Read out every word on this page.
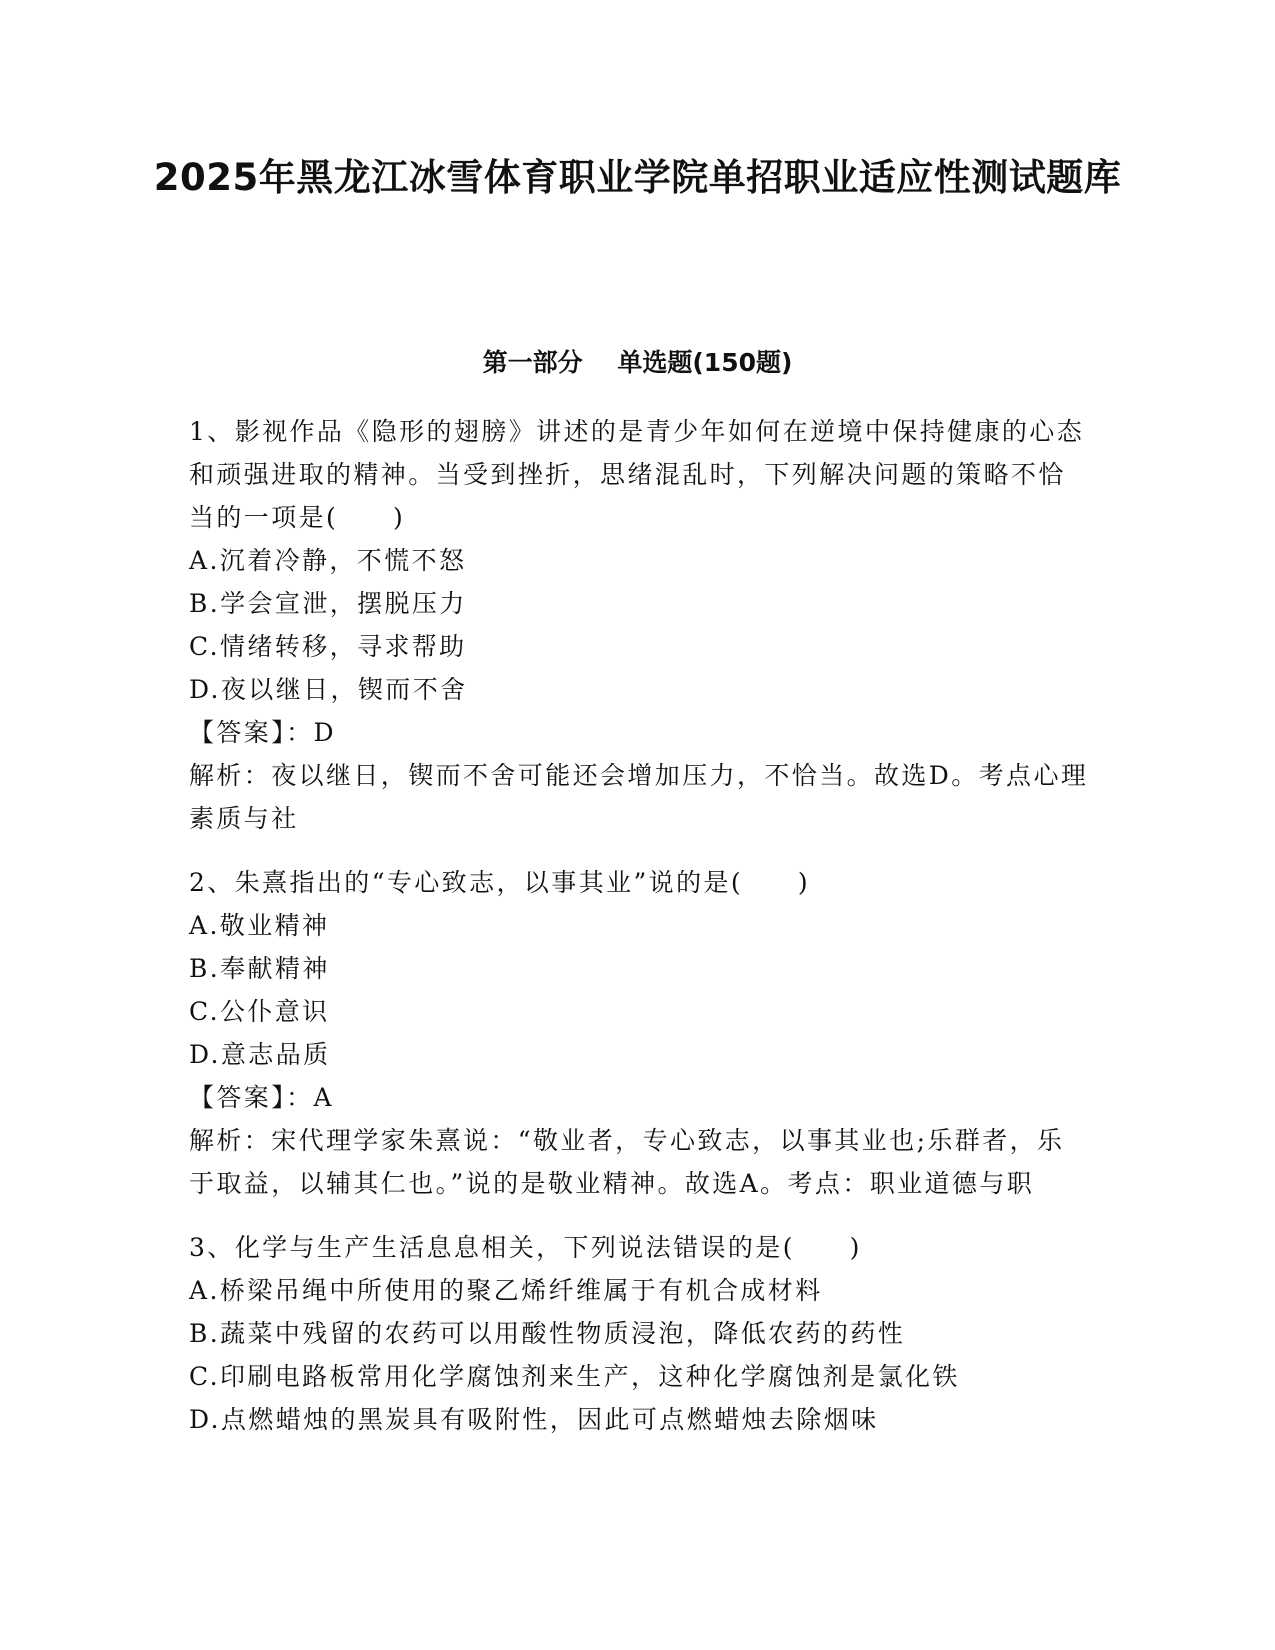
2025年黑龙江冰雪体育职业学院单招职业适应性测试题库
第一部分    单选题(150题)

1、影视作品《隐形的翅膀》讲述的是青少年如何在逆境中保持健康的心态和顽强进取的精神。当受到挫折，思绪混乱时，下列解决问题的策略不恰当的一项是(　　)

A.沉着冷静，不慌不怒

B.学会宣泄，摆脱压力

C.情绪转移，寻求帮助

D.夜以继日，锲而不舍

【答案】：D

解析：夜以继日，锲而不舍可能还会增加压力，不恰当。故选D。考点心理素质与社

2、朱熹指出的“专心致志，以事其业”说的是(　　)

A.敬业精神

B.奉献精神

C.公仆意识

D.意志品质

【答案】：A

解析：宋代理学家朱熹说：“敬业者，专心致志，以事其业也;乐群者，乐于取益，以辅其仁也。”说的是敬业精神。故选A。考点：职业道德与职

3、化学与生产生活息息相关，下列说法错误的是(　　)

A.桥梁吊绳中所使用的聚乙烯纤维属于有机合成材料

B.蔬菜中残留的农药可以用酸性物质浸泡，降低农药的药性

C.印刷电路板常用化学腐蚀剂来生产，这种化学腐蚀剂是氯化铁

D.点燃蜡烛的黑炭具有吸附性，因此可点燃蜡烛去除烟味
